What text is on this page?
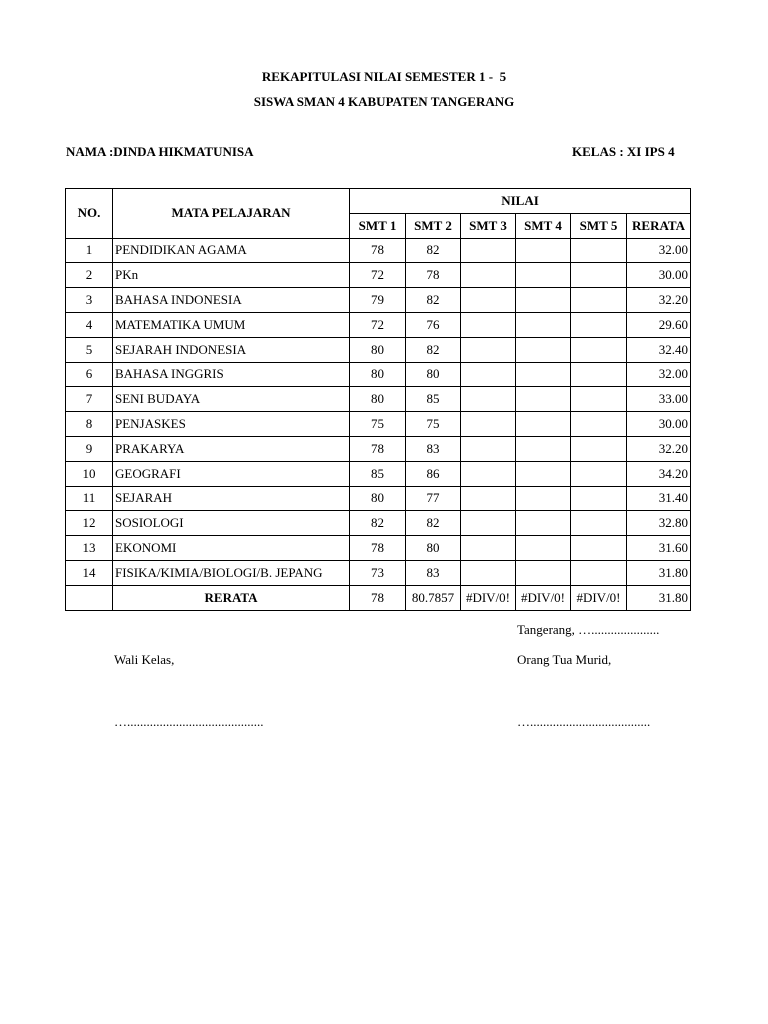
REKAPITULASI NILAI SEMESTER 1 -  5
SISWA SMAN 4 KABUPATEN TANGERANG
NAMA :DINDA HIKMATUNISA	KELAS : XI IPS 4
NO.	MATA PELAJARAN	NILAI					
		SMT 1	SMT 2	SMT 3	SMT 4	SMT 5	RERATA
1	PENDIDIKAN AGAMA	78	82				32.00
2	PKn	72	78				30.00
3	BAHASA INDONESIA	79	82				32.20
4	MATEMATIKA UMUM	72	76				29.60
5	SEJARAH INDONESIA	80	82				32.40
6	BAHASA INGGRIS	80	80				32.00
7	SENI BUDAYA	80	85				33.00
8	PENJASKES	75	75				30.00
9	PRAKARYA	78	83				32.20
10	GEOGRAFI	85	86				34.20
11	SEJARAH	80	77				31.40
12	SOSIOLOGI	82	82				32.80
13	EKONOMI	78	80				31.60
14	FISIKA/KIMIA/BIOLOGI/B. JEPANG	73	83				31.80
	RERATA	78	80.7857	#DIV/0!	#DIV/0!	#DIV/0!	31.80
Tangerang, ….....................
Wali Kelas,	Orang Tua Murid,
…..........................................	….....................................
